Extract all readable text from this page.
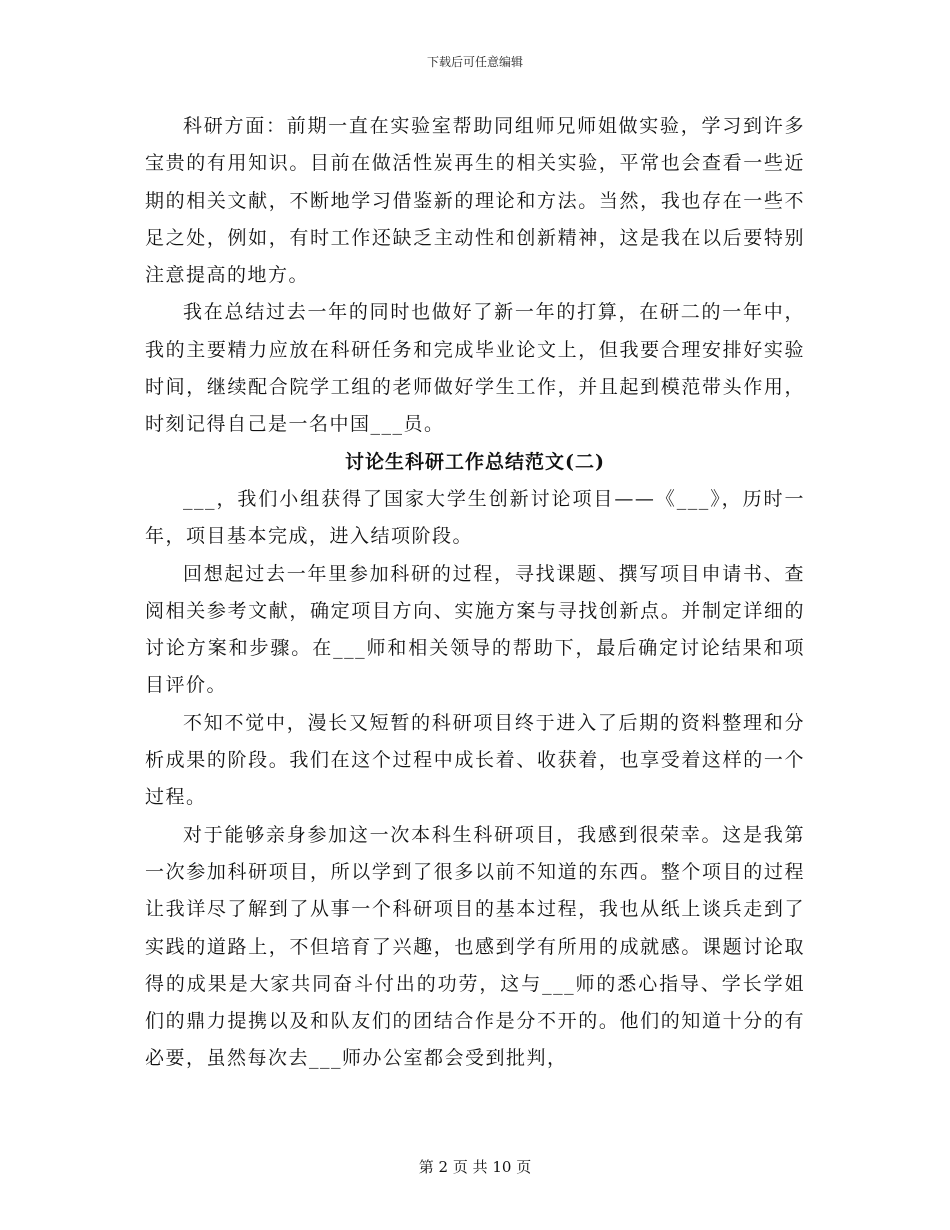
下载后可任意编辑

科研方面：前期一直在实验室帮助同组师兄师姐做实验，学习到许多宝贵的有用知识。目前在做活性炭再生的相关实验，平常也会查看一些近期的相关文献，不断地学习借鉴新的理论和方法。当然，我也存在一些不足之处，例如，有时工作还缺乏主动性和创新精神，这是我在以后要特别注意提高的地方。

我在总结过去一年的同时也做好了新一年的打算，在研二的一年中，我的主要精力应放在科研任务和完成毕业论文上，但我要合理安排好实验时间，继续配合院学工组的老师做好学生工作，并且起到模范带头作用，时刻记得自己是一名中国___员。

讨论生科研工作总结范文(二)

___，我们小组获得了国家大学生创新讨论项目——《___》，历时一年，项目基本完成，进入结项阶段。

回想起过去一年里参加科研的过程，寻找课题、撰写项目申请书、查阅相关参考文献，确定项目方向、实施方案与寻找创新点。并制定详细的讨论方案和步骤。在___师和相关领导的帮助下，最后确定讨论结果和项目评价。

不知不觉中，漫长又短暂的科研项目终于进入了后期的资料整理和分析成果的阶段。我们在这个过程中成长着、收获着，也享受着这样的一个过程。

对于能够亲身参加这一次本科生科研项目，我感到很荣幸。这是我第一次参加科研项目，所以学到了很多以前不知道的东西。整个项目的过程让我详尽了解到了从事一个科研项目的基本过程，我也从纸上谈兵走到了实践的道路上，不但培育了兴趣，也感到学有所用的成就感。课题讨论取得的成果是大家共同奋斗付出的功劳，这与___师的悉心指导、学长学姐们的鼎力提携以及和队友们的团结合作是分不开的。他们的知道十分的有必要，虽然每次去___师办公室都会受到批判，

第 2 页 共 10 页
